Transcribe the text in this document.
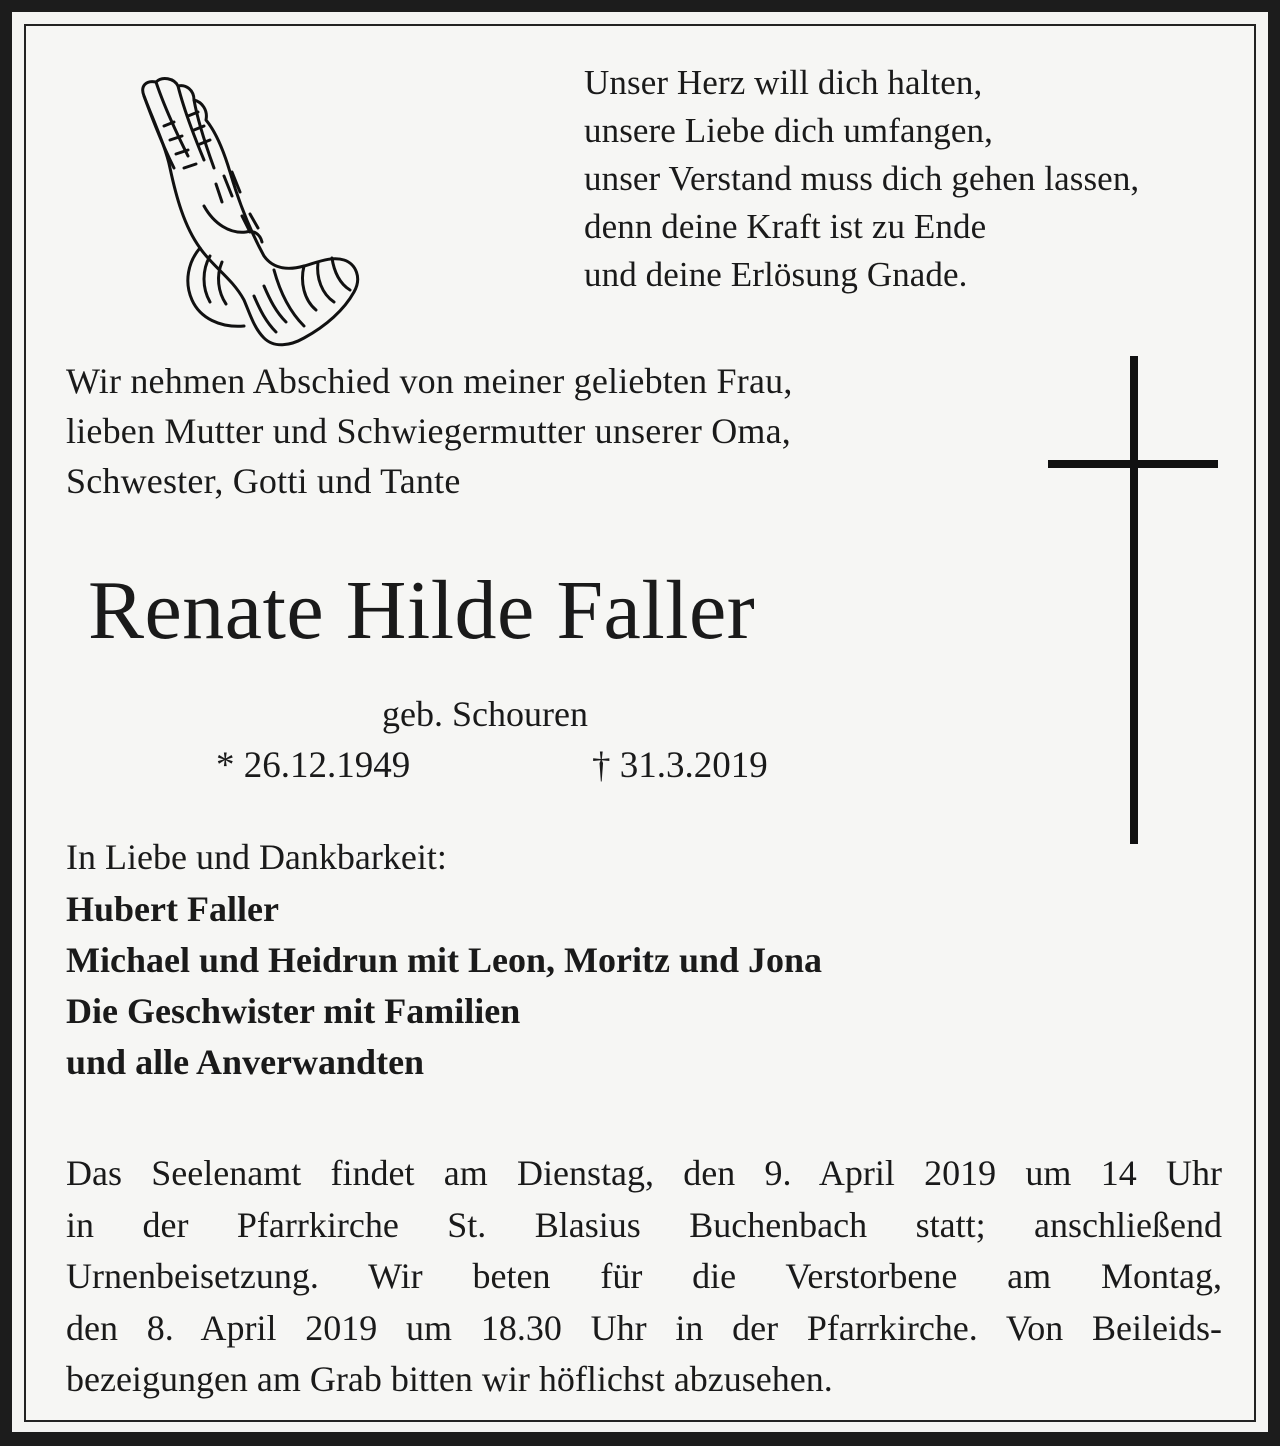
Unser Herz will dich halten,
unsere Liebe dich umfangen,
unser Verstand muss dich gehen lassen,
denn deine Kraft ist zu Ende
und deine Erlösung Gnade.
Wir nehmen Abschied von meiner geliebten Frau,
lieben Mutter und Schwiegermutter unserer Oma,
Schwester, Gotti und Tante
Renate Hilde Faller
geb. Schouren
* 26.12.1949	† 31.3.2019
In Liebe und Dankbarkeit:
Hubert Faller
Michael und Heidrun mit Leon, Moritz und Jona
Die Geschwister mit Familien
und alle Anverwandten
Das Seelenamt findet am Dienstag, den 9. April 2019 um 14 Uhr
in der Pfarrkirche St. Blasius Buchenbach statt; anschließend
Urnenbeisetzung. Wir beten für die Verstorbene am Montag,
den 8. April 2019 um 18.30 Uhr in der Pfarrkirche. Von Beileids-
bezeigungen am Grab bitten wir höflichst abzusehen.
